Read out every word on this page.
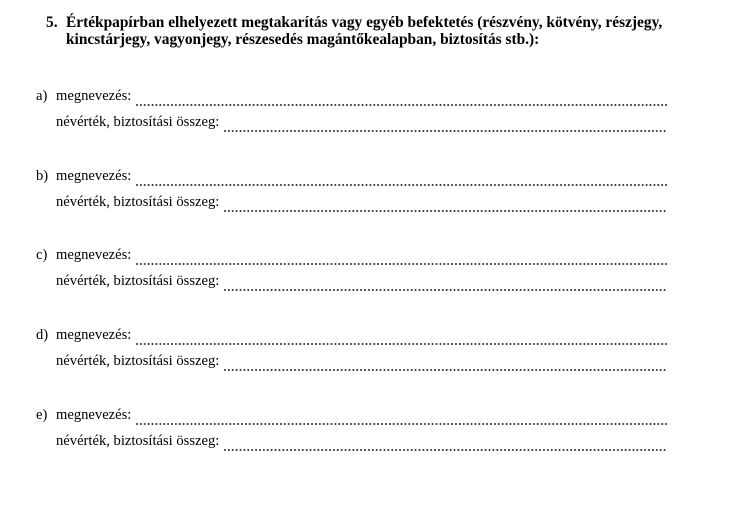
5. Értékpapírban elhelyezett megtakarítás vagy egyéb befektetés (részvény, kötvény, részjegy, kincstárjegy, vagyonjegy, részesedés magántőkealapban, biztosítás stb.):
a) megnevezés:
névérték, biztosítási összeg:
b) megnevezés:
névérték, biztosítási összeg:
c) megnevezés:
névérték, biztosítási összeg:
d) megnevezés:
névérték, biztosítási összeg:
e) megnevezés:
névérték, biztosítási összeg:
